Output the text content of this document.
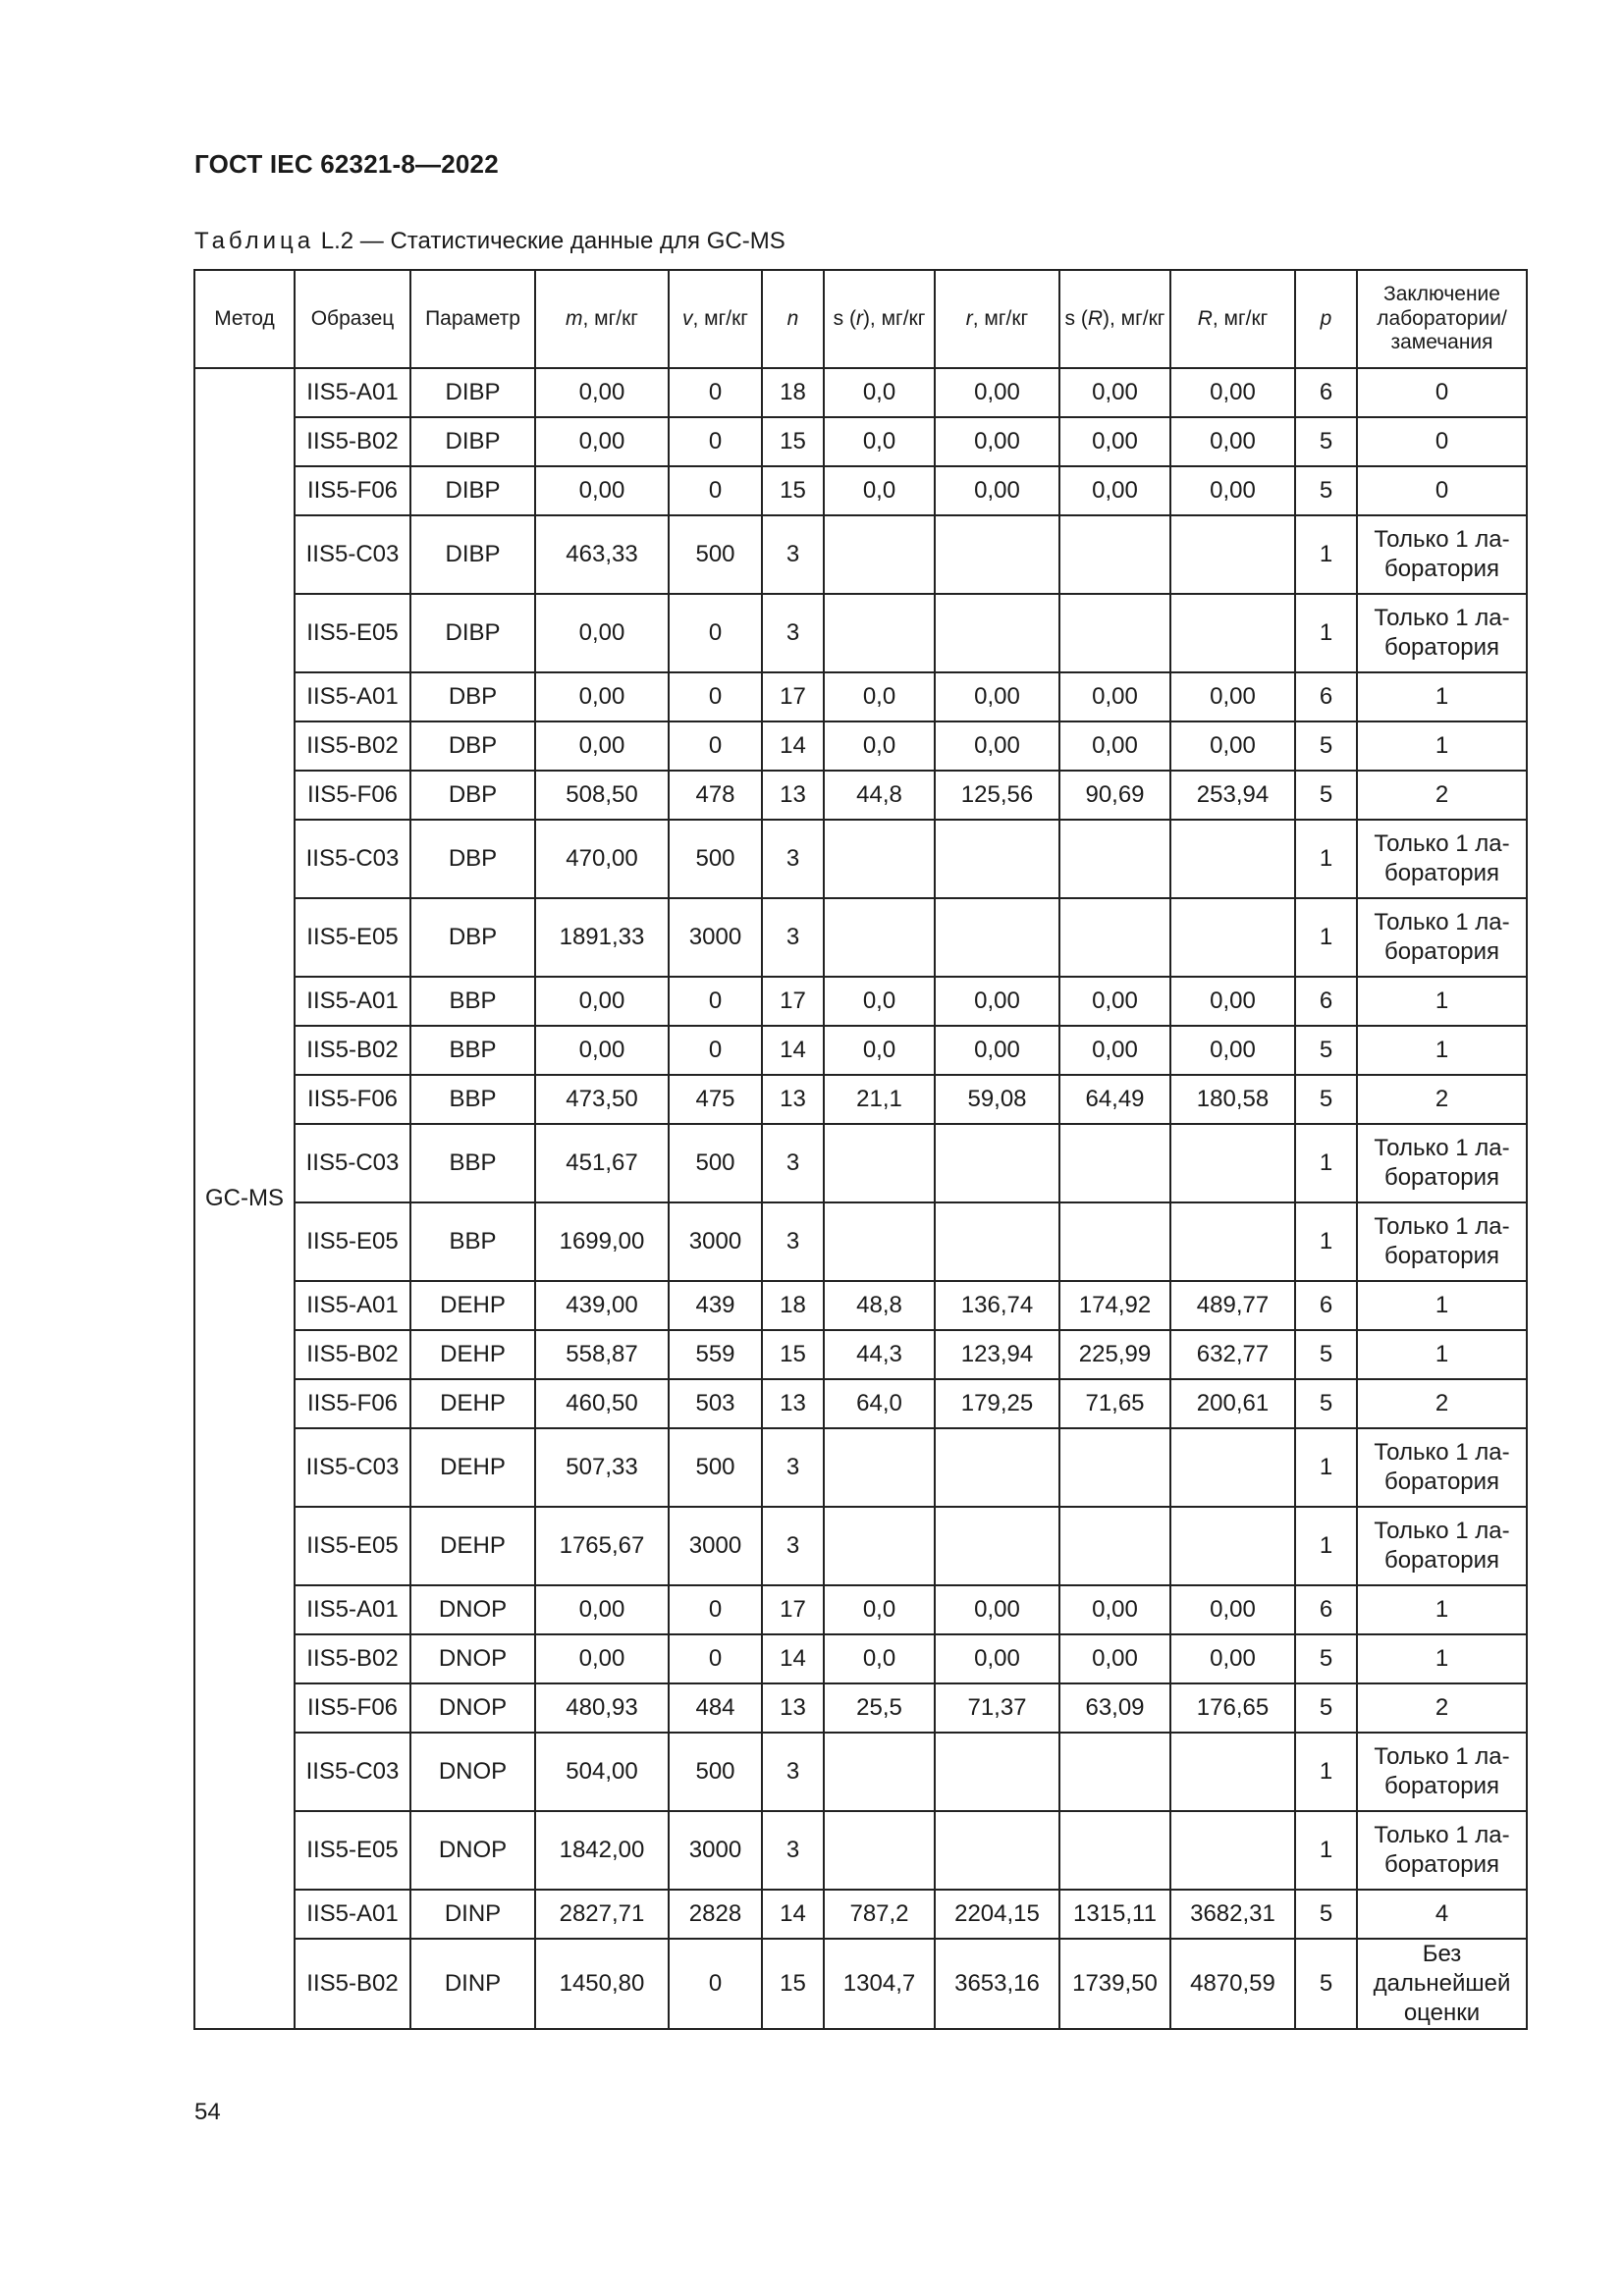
ГОСТ IEC 62321-8—2022
Таблица L.2 — Статистические данные для GC-MS
Метод	Образец	Параметр	m, мг/кг	v, мг/кг	n	s (r), мг/кг	r, мг/кг	s (R), мг/кг	R, мг/кг	p	Заключение лаборатории/ замечания
GC-MS	IIS5-A01	DIBP	0,00	0	18	0,0	0,00	0,00	0,00	6	0
	IIS5-B02	DIBP	0,00	0	15	0,0	0,00	0,00	0,00	5	0
	IIS5-F06	DIBP	0,00	0	15	0,0	0,00	0,00	0,00	5	0
	IIS5-C03	DIBP	463,33	500	3					1	Только 1 ла-боратория
	IIS5-E05	DIBP	0,00	0	3					1	Только 1 ла-боратория
	IIS5-A01	DBP	0,00	0	17	0,0	0,00	0,00	0,00	6	1
	IIS5-B02	DBP	0,00	0	14	0,0	0,00	0,00	0,00	5	1
	IIS5-F06	DBP	508,50	478	13	44,8	125,56	90,69	253,94	5	2
	IIS5-C03	DBP	470,00	500	3					1	Только 1 ла-боратория
	IIS5-E05	DBP	1891,33	3000	3					1	Только 1 ла-боратория
	IIS5-A01	BBP	0,00	0	17	0,0	0,00	0,00	0,00	6	1
	IIS5-B02	BBP	0,00	0	14	0,0	0,00	0,00	0,00	5	1
	IIS5-F06	BBP	473,50	475	13	21,1	59,08	64,49	180,58	5	2
	IIS5-C03	BBP	451,67	500	3					1	Только 1 ла-боратория
	IIS5-E05	BBP	1699,00	3000	3					1	Только 1 ла-боратория
	IIS5-A01	DEHP	439,00	439	18	48,8	136,74	174,92	489,77	6	1
	IIS5-B02	DEHP	558,87	559	15	44,3	123,94	225,99	632,77	5	1
	IIS5-F06	DEHP	460,50	503	13	64,0	179,25	71,65	200,61	5	2
	IIS5-C03	DEHP	507,33	500	3					1	Только 1 ла-боратория
	IIS5-E05	DEHP	1765,67	3000	3					1	Только 1 ла-боратория
	IIS5-A01	DNOP	0,00	0	17	0,0	0,00	0,00	0,00	6	1
	IIS5-B02	DNOP	0,00	0	14	0,0	0,00	0,00	0,00	5	1
	IIS5-F06	DNOP	480,93	484	13	25,5	71,37	63,09	176,65	5	2
	IIS5-C03	DNOP	504,00	500	3					1	Только 1 ла-боратория
	IIS5-E05	DNOP	1842,00	3000	3					1	Только 1 ла-боратория
	IIS5-A01	DINP	2827,71	2828	14	787,2	2204,15	1315,11	3682,31	5	4
	IIS5-B02	DINP	1450,80	0	15	1304,7	3653,16	1739,50	4870,59	5	Без дальнейшей оценки
54
